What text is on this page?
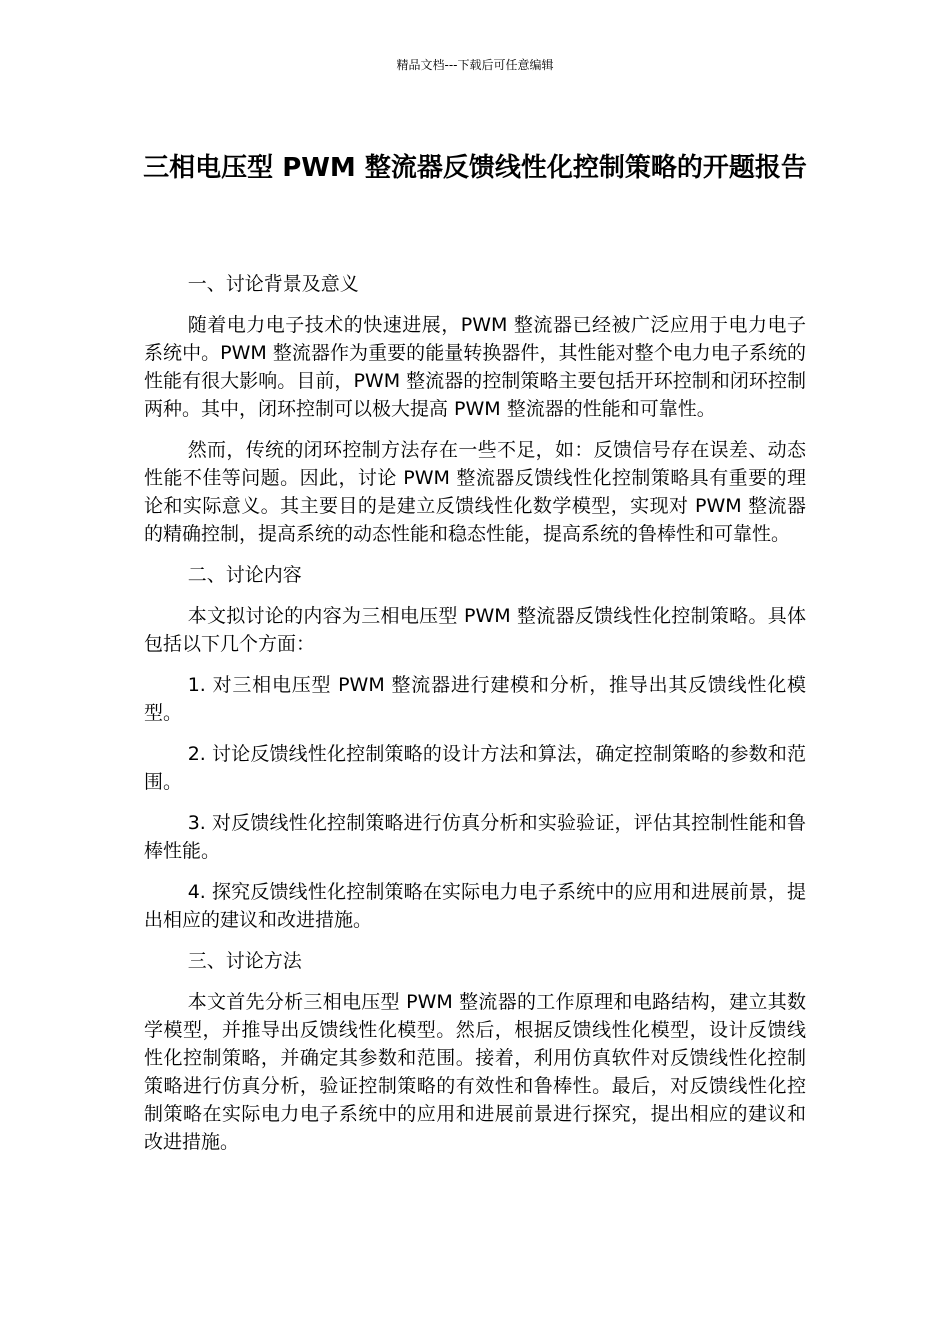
精品文档---下载后可任意编辑
三相电压型 PWM 整流器反馈线性化控制策略的开题报告

一、讨论背景及意义

随着电力电子技术的快速进展，PWM 整流器已经被广泛应用于电力电子系统中。PWM 整流器作为重要的能量转换器件，其性能对整个电力电子系统的性能有很大影响。目前，PWM 整流器的控制策略主要包括开环控制和闭环控制两种。其中，闭环控制可以极大提高 PWM 整流器的性能和可靠性。

然而，传统的闭环控制方法存在一些不足，如：反馈信号存在误差、动态性能不佳等问题。因此，讨论 PWM 整流器反馈线性化控制策略具有重要的理论和实际意义。其主要目的是建立反馈线性化数学模型，实现对 PWM 整流器的精确控制，提高系统的动态性能和稳态性能，提高系统的鲁棒性和可靠性。

二、讨论内容

本文拟讨论的内容为三相电压型 PWM 整流器反馈线性化控制策略。具体包括以下几个方面：

1. 对三相电压型 PWM 整流器进行建模和分析，推导出其反馈线性化模型。

2. 讨论反馈线性化控制策略的设计方法和算法，确定控制策略的参数和范围。

3. 对反馈线性化控制策略进行仿真分析和实验验证，评估其控制性能和鲁棒性能。

4. 探究反馈线性化控制策略在实际电力电子系统中的应用和进展前景，提出相应的建议和改进措施。

三、讨论方法

本文首先分析三相电压型 PWM 整流器的工作原理和电路结构，建立其数学模型，并推导出反馈线性化模型。然后，根据反馈线性化模型，设计反馈线性化控制策略，并确定其参数和范围。接着，利用仿真软件对反馈线性化控制策略进行仿真分析，验证控制策略的有效性和鲁棒性。最后，对反馈线性化控制策略在实际电力电子系统中的应用和进展前景进行探究，提出相应的建议和改进措施。
